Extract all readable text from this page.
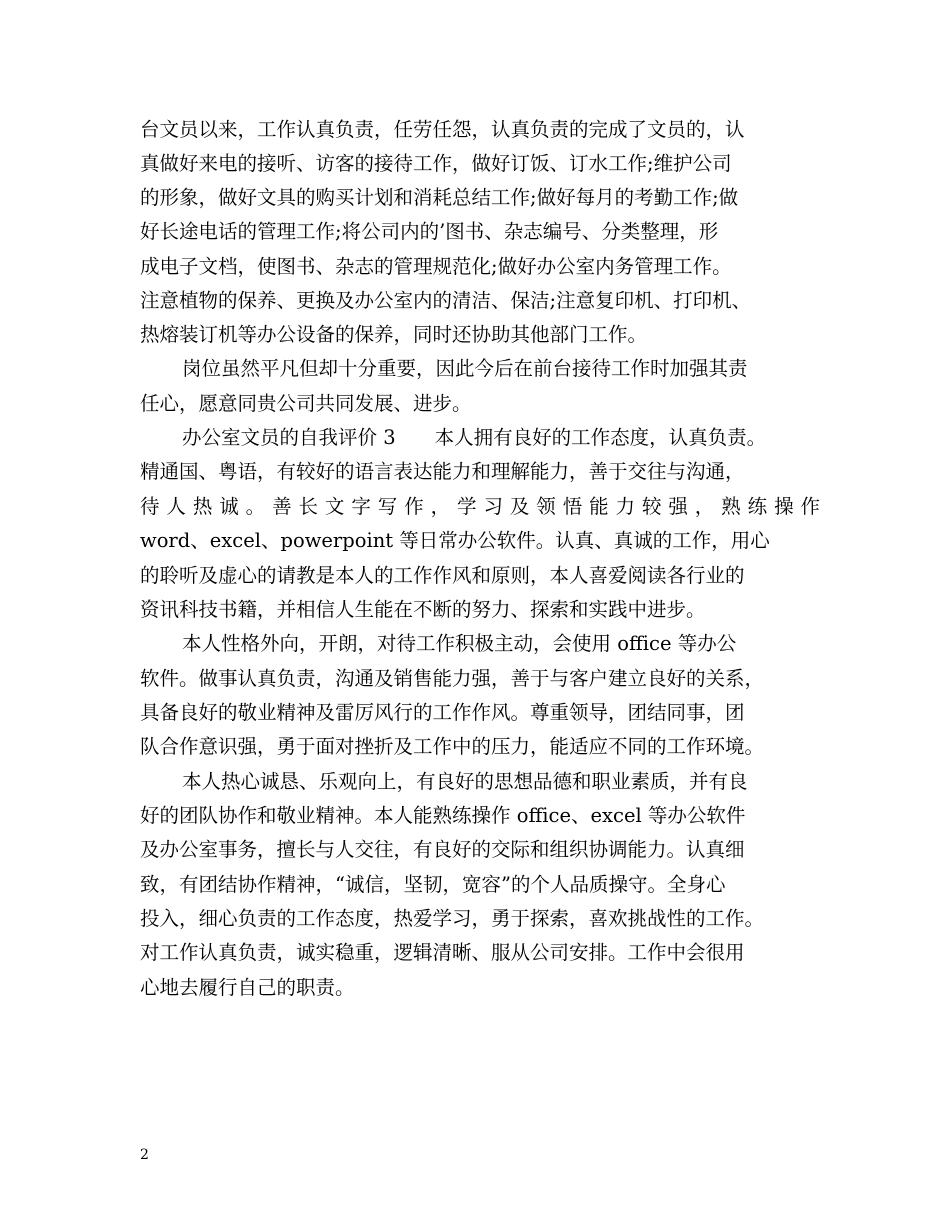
台文员以来，工作认真负责，任劳任怨，认真负责的完成了文员的，认
真做好来电的接听、访客的接待工作，做好订饭、订水工作;维护公司
的形象，做好文具的购买计划和消耗总结工作;做好每月的考勤工作;做
好长途电话的管理工作;将公司内的’图书、杂志编号、分类整理，形
成电子文档，使图书、杂志的管理规范化;做好办公室内务管理工作。
注意植物的保养、更换及办公室内的清洁、保洁;注意复印机、打印机、
热熔装订机等办公设备的保养，同时还协助其他部门工作。
岗位虽然平凡但却十分重要，因此今后在前台接待工作时加强其责
任心，愿意同贵公司共同发展、进步。
办公室文员的自我评价 3　　本人拥有良好的工作态度，认真负责。
精通国、粤语，有较好的语言表达能力和理解能力，善于交往与沟通，
待人热诚。善长文字写作，学习及领悟能力较强，熟练操作
word、excel、powerpoint 等日常办公软件。认真、真诚的工作，用心
的聆听及虚心的请教是本人的工作作风和原则，本人喜爱阅读各行业的
资讯科技书籍，并相信人生能在不断的努力、探索和实践中进步。
本人性格外向，开朗，对待工作积极主动，会使用 office 等办公
软件。做事认真负责，沟通及销售能力强，善于与客户建立良好的关系，
具备良好的敬业精神及雷厉风行的工作作风。尊重领导，团结同事，团
队合作意识强，勇于面对挫折及工作中的压力，能适应不同的工作环境。
本人热心诚恳、乐观向上，有良好的思想品德和职业素质，并有良
好的团队协作和敬业精神。本人能熟练操作 office、excel 等办公软件
及办公室事务，擅长与人交往，有良好的交际和组织协调能力。认真细
致，有团结协作精神，“诚信，坚韧，宽容”的个人品质操守。全身心
投入，细心负责的工作态度，热爱学习，勇于探索，喜欢挑战性的工作。
对工作认真负责，诚实稳重，逻辑清晰、服从公司安排。工作中会很用
心地去履行自己的职责。
2
